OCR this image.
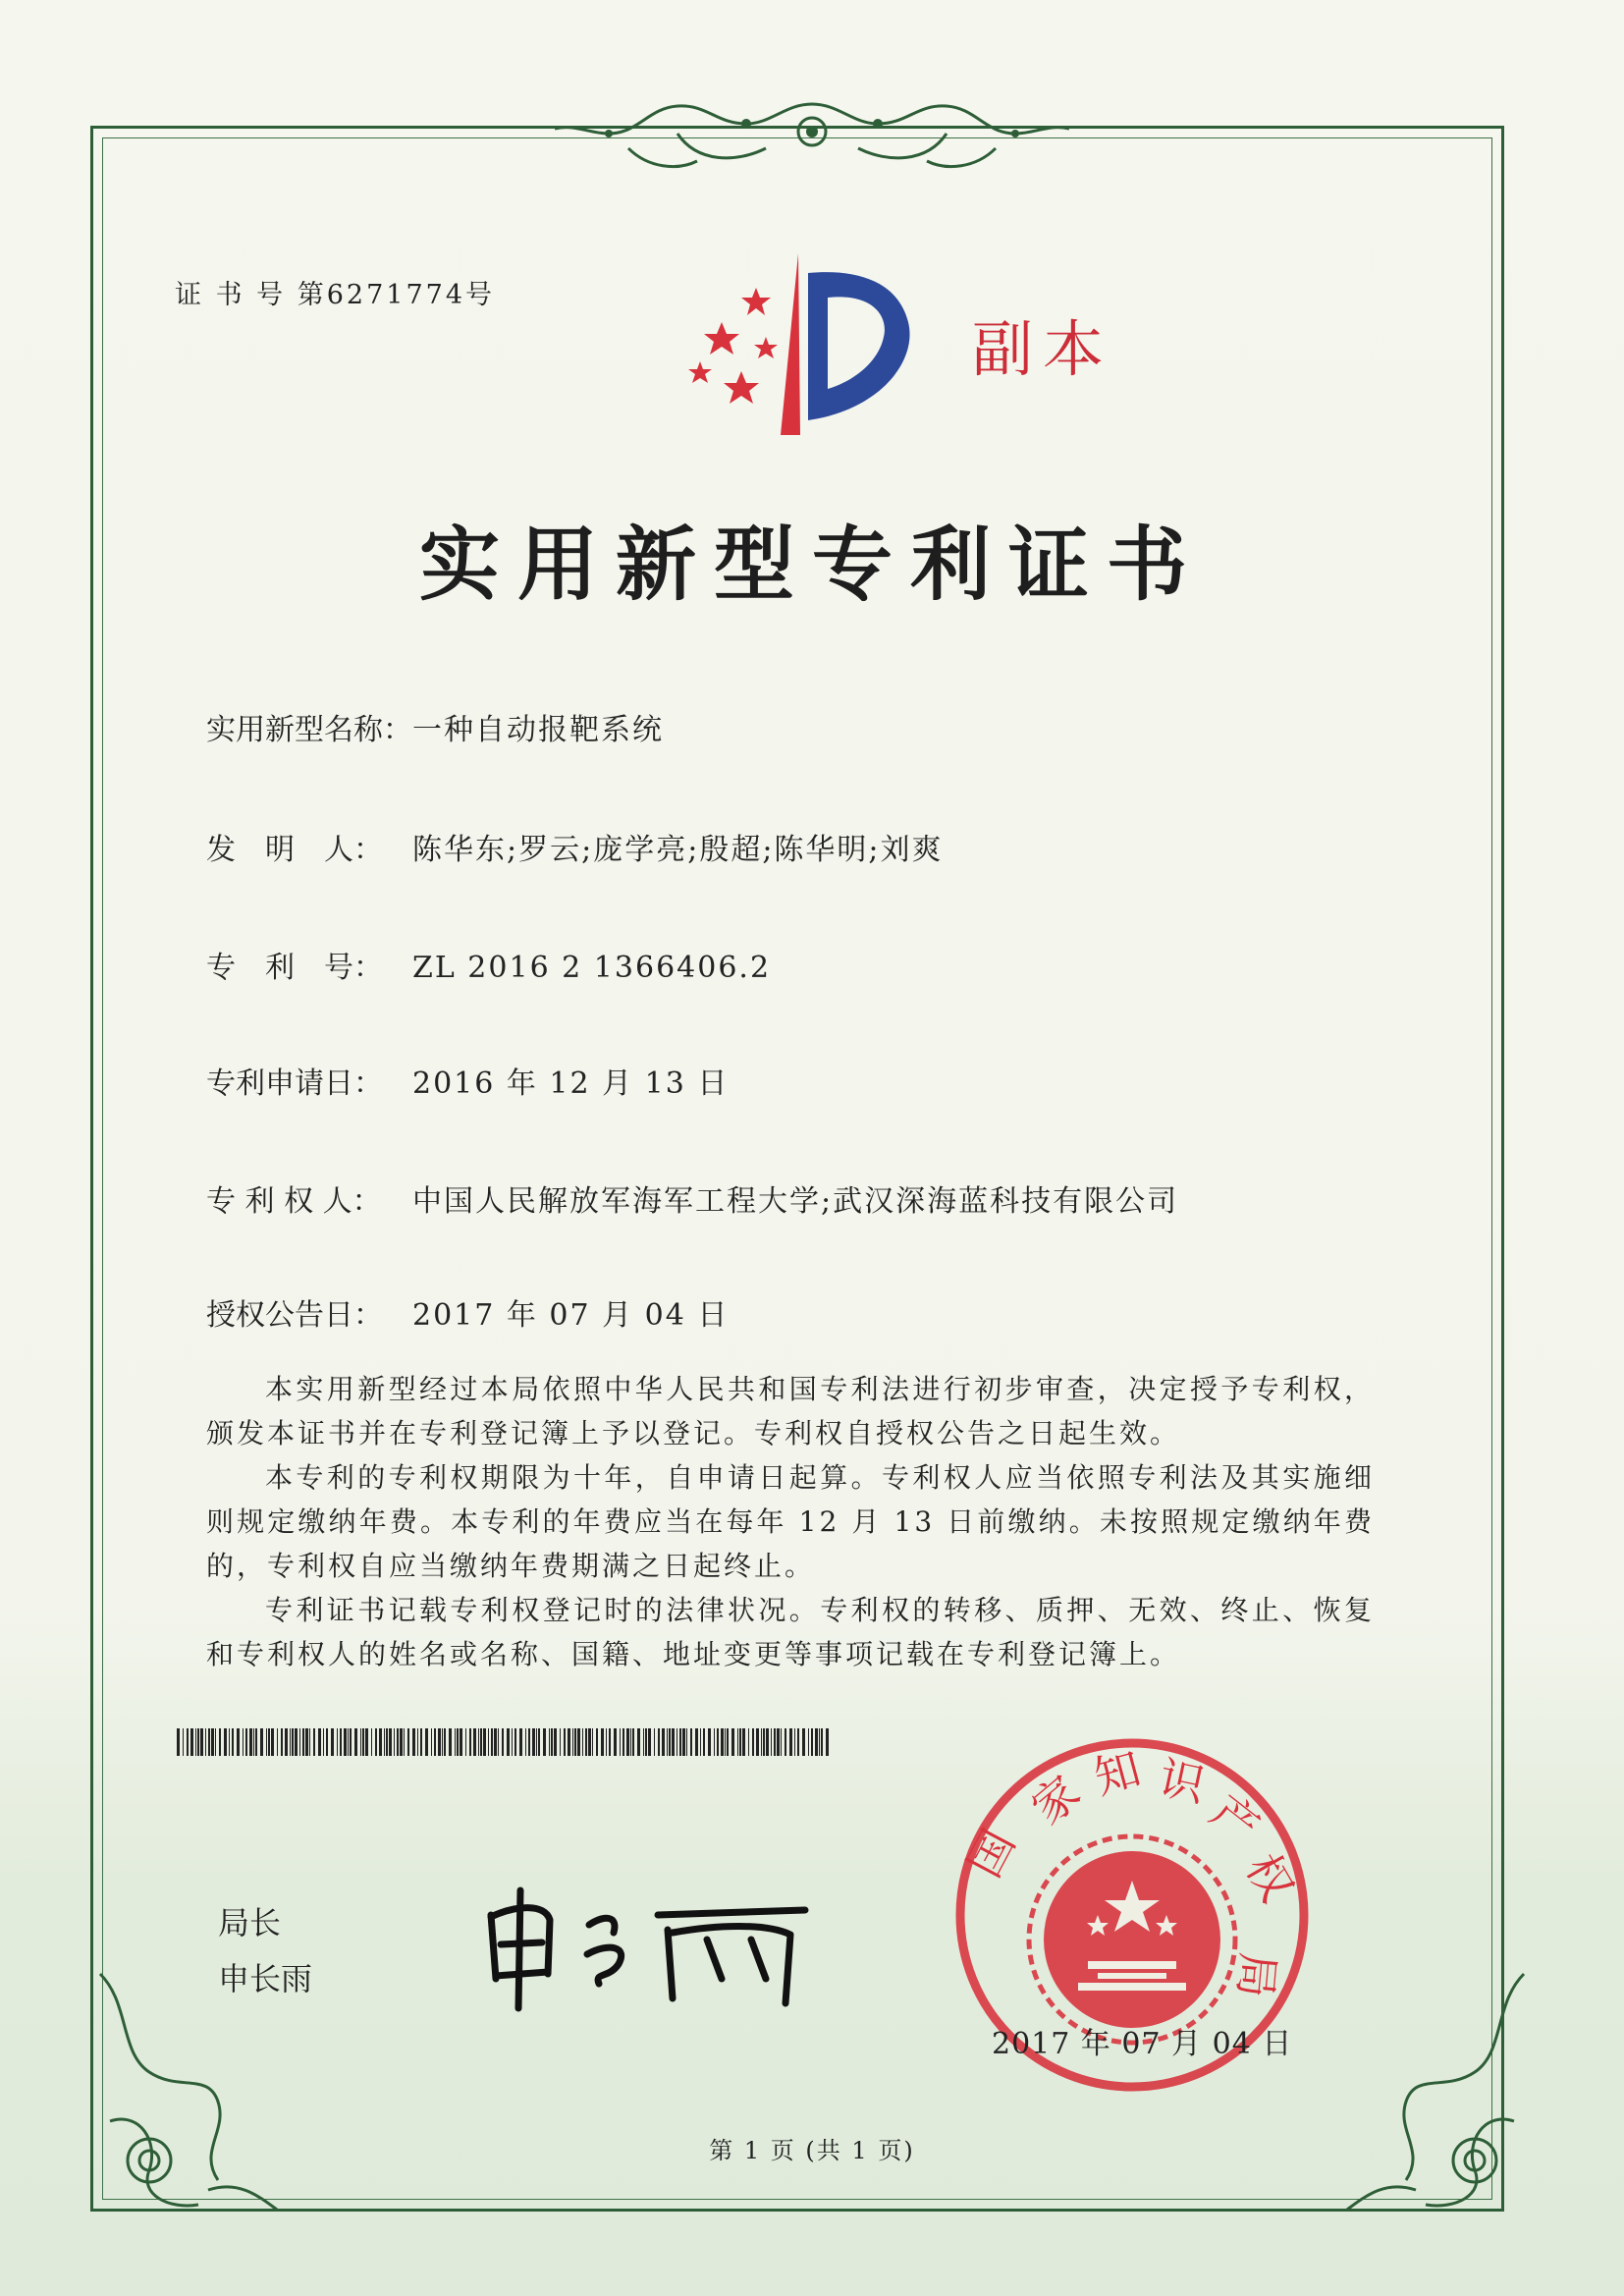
证 书 号 第6271774号
副本
实用新型专利证书
实用新型名称：一种自动报靶系统
发　明　人： 陈华东;罗云;庞学亮;殷超;陈华明;刘爽
专　利　号： ZL 2016 2 1366406.2
专利申请日： 2016 年 12 月 13 日
专 利 权 人： 中国人民解放军海军工程大学;武汉深海蓝科技有限公司
授权公告日： 2017 年 07 月 04 日

本实用新型经过本局依照中华人民共和国专利法进行初步审查，决定授予专利权，颁发本证书并在专利登记簿上予以登记。专利权自授权公告之日起生效。

本专利的专利权期限为十年，自申请日起算。专利权人应当依照专利法及其实施细则规定缴纳年费。本专利的年费应当在每年 12 月 13 日前缴纳。未按照规定缴纳年费的，专利权自应当缴纳年费期满之日起终止。

专利证书记载专利权登记时的法律状况。专利权的转移、质押、无效、终止、恢复和专利权人的姓名或名称、国籍、地址变更等事项记载在专利登记簿上。

局长
申长雨
家
知 识
产
权
局
国
2017 年 07 月 04 日
第 1 页 (共 1 页)
